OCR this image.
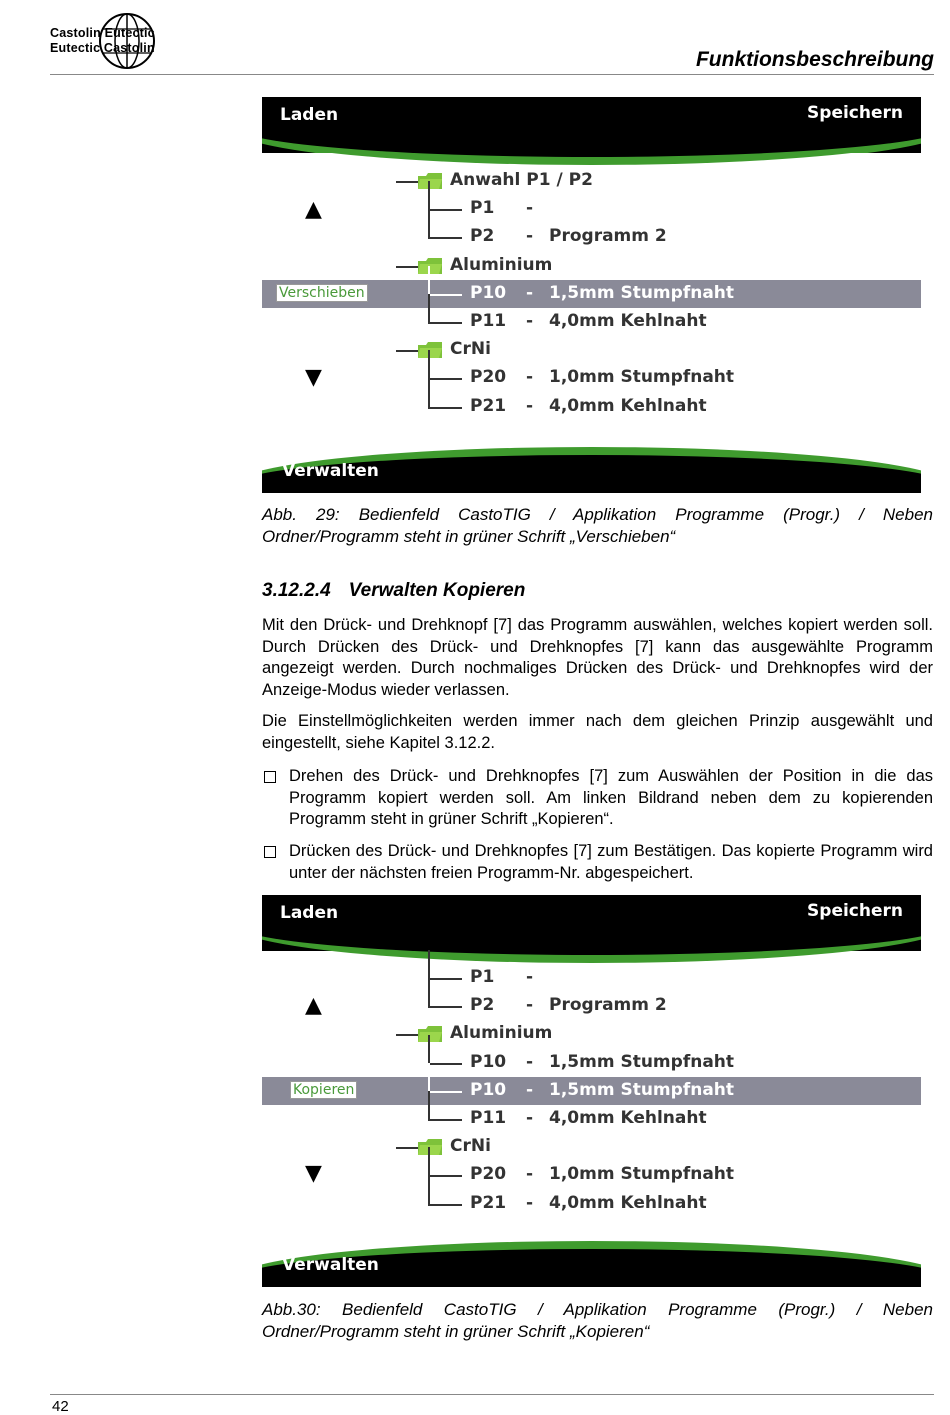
Castolin Eutectic
Eutectic Castolin	Funktionsbeschreibung
Laden	Speichern
Verwalten
▲
▼
Anwahl P1 / P2
P1 -
P2 - Programm 2
Aluminium
P10 - 1,5mm Stumpfnaht
Verschieben
P11 - 4,0mm Kehlnaht
CrNi
P20 - 1,0mm Stumpfnaht
P21 - 4,0mm Kehlnaht
Abb. 29: Bedienfeld CastoTIG / Applikation Programme (Progr.) / Neben Ordner/Programm steht in grüner Schrift „Verschieben“
3.12.2.4 Verwalten Kopieren
Mit den Drück- und Drehknopf [7] das Programm auswählen, welches kopiert werden soll. Durch Drücken des Drück- und Drehknopfes [7] kann das ausgewählte Programm angezeigt werden. Durch nochmaliges Drücken des Drück- und Drehknopfes wird der Anzeige-Modus wieder verlassen.
Die Einstellmöglichkeiten werden immer nach dem gleichen Prinzip ausgewählt und eingestellt, siehe Kapitel 3.12.2.
Drehen des Drück- und Drehknopfes [7] zum Auswählen der Position in die das Programm kopiert werden soll. Am linken Bildrand neben dem zu kopierenden Programm steht in grüner Schrift „Kopieren“.
Drücken des Drück- und Drehknopfes [7] zum Bestätigen. Das kopierte Programm wird unter der nächsten freien Programm-Nr. abgespeichert.
Laden	Speichern
Verwalten
▲
▼
P1 -
P2 - Programm 2
Aluminium
P10 - 1,5mm Stumpfnaht
P10 - 1,5mm Stumpfnaht
Kopieren
P11 - 4,0mm Kehlnaht
CrNi
P20 - 1,0mm Stumpfnaht
P21 - 4,0mm Kehlnaht
Abb.30: Bedienfeld CastoTIG / Applikation Programme (Progr.) / Neben Ordner/Programm steht in grüner Schrift „Kopieren“
42
